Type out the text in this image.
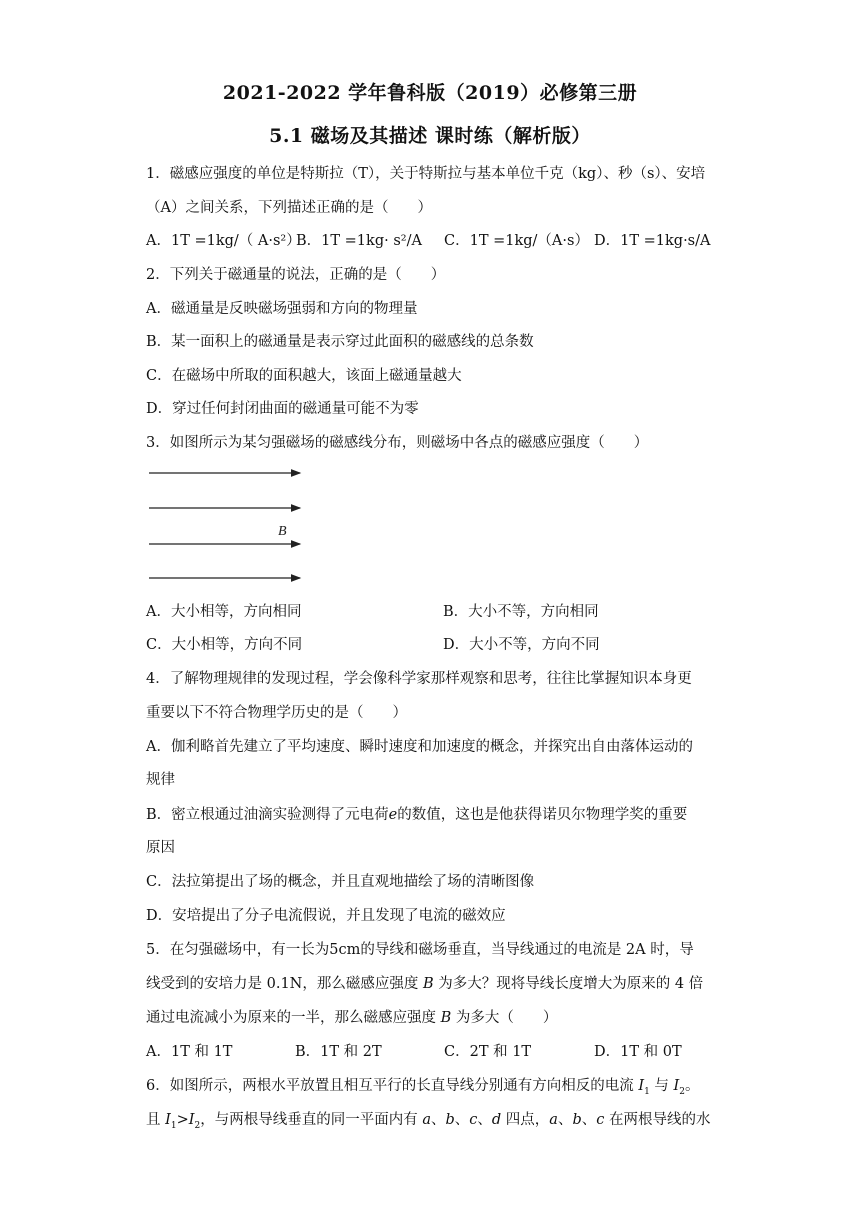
2021-2022 学年鲁科版（2019）必修第三册
5.1 磁场及其描述 课时练（解析版）
1．磁感应强度的单位是特斯拉（T），关于特斯拉与基本单位千克（kg）、秒（s）、安培
（A）之间关系，下列描述正确的是（　　）
A．1T =1kg/（ A·s²）
B．1T =1kg· s²/A C．1T =1kg/（A·s） D．1T =1kg·s/A
2．下列关于磁通量的说法，正确的是（　　）
A．磁通量是反映磁场强弱和方向的物理量
B．某一面积上的磁通量是表示穿过此面积的磁感线的总条数
C．在磁场中所取的面积越大，该面上磁通量越大
D．穿过任何封闭曲面的磁通量可能不为零
3．如图所示为某匀强磁场的磁感线分布，则磁场中各点的磁感应强度（　　）
B
A．大小相等，方向相同	B．大小不等，方向相同
C．大小相等，方向不同	D．大小不等，方向不同
4．了解物理规律的发现过程，学会像科学家那样观察和思考，往往比掌握知识本身更
重要以下不符合物理学历史的是（　　）
A．伽利略首先建立了平均速度、瞬时速度和加速度的概念，并探究出自由落体运动的
规律
B．密立根通过油滴实验测得了元电荷e的数值，这也是他获得诺贝尔物理学奖的重要
原因
C．法拉第提出了场的概念，并且直观地描绘了场的清晰图像
D．安培提出了分子电流假说，并且发现了电流的磁效应
5．在匀强磁场中，有一长为5cm的导线和磁场垂直，当导线通过的电流是 2A 时，导
线受到的安培力是 0.1N，那么磁感应强度 B 为多大？现将导线长度增大为原来的 4 倍
通过电流减小为原来的一半，那么磁感应强度 B 为多大（　　）
A．1T 和 1T	B．1T 和 2T	C．2T 和 1T	D．1T 和 0T
6．如图所示，两根水平放置且相互平行的长直导线分别通有方向相反的电流 $I_1$ 与 $I_2$。
且 $I_1>I_2$，与两根导线垂直的同一平面内有 a、b、c、d 四点，a、b、c 在两根导线的水
